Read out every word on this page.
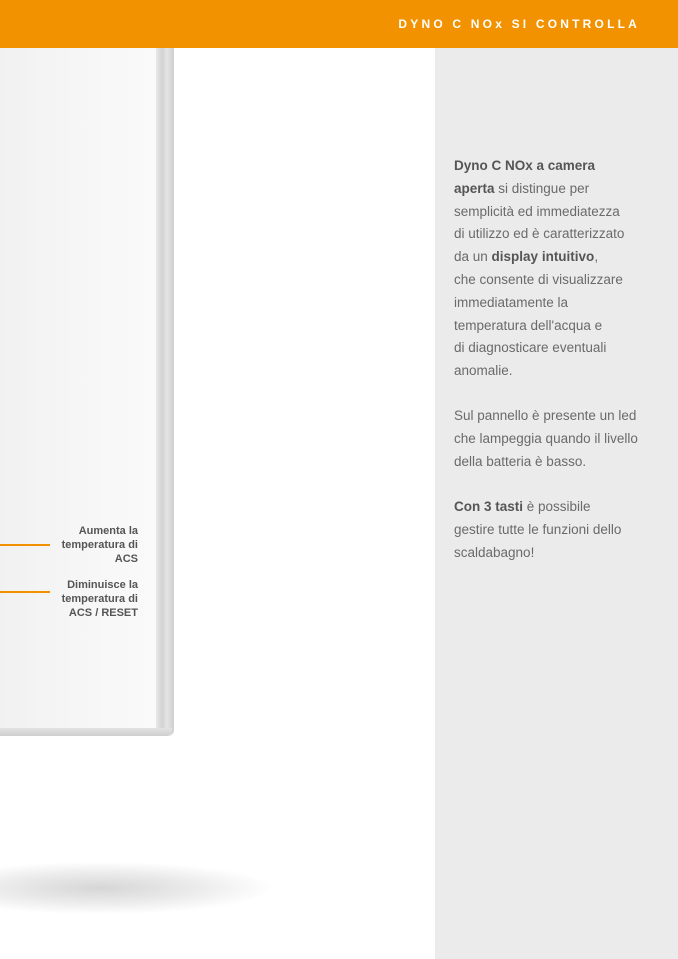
DYNO C NOx SI CONTROLLA
Aumenta la
temperatura di
ACS
Diminuisce la
temperatura di
ACS / RESET

Dyno C NOx a camera
aperta si distingue per
semplicità ed immediatezza
di utilizzo ed è caratterizzato
da un display intuitivo,
che consente di visualizzare
immediatamente la
temperatura dell'acqua e
di diagnosticare eventuali
anomalie.

Sul pannello è presente un led
che lampeggia quando il livello
della batteria è basso.

Con 3 tasti è possibile
gestire tutte le funzioni dello
scaldabagno!
